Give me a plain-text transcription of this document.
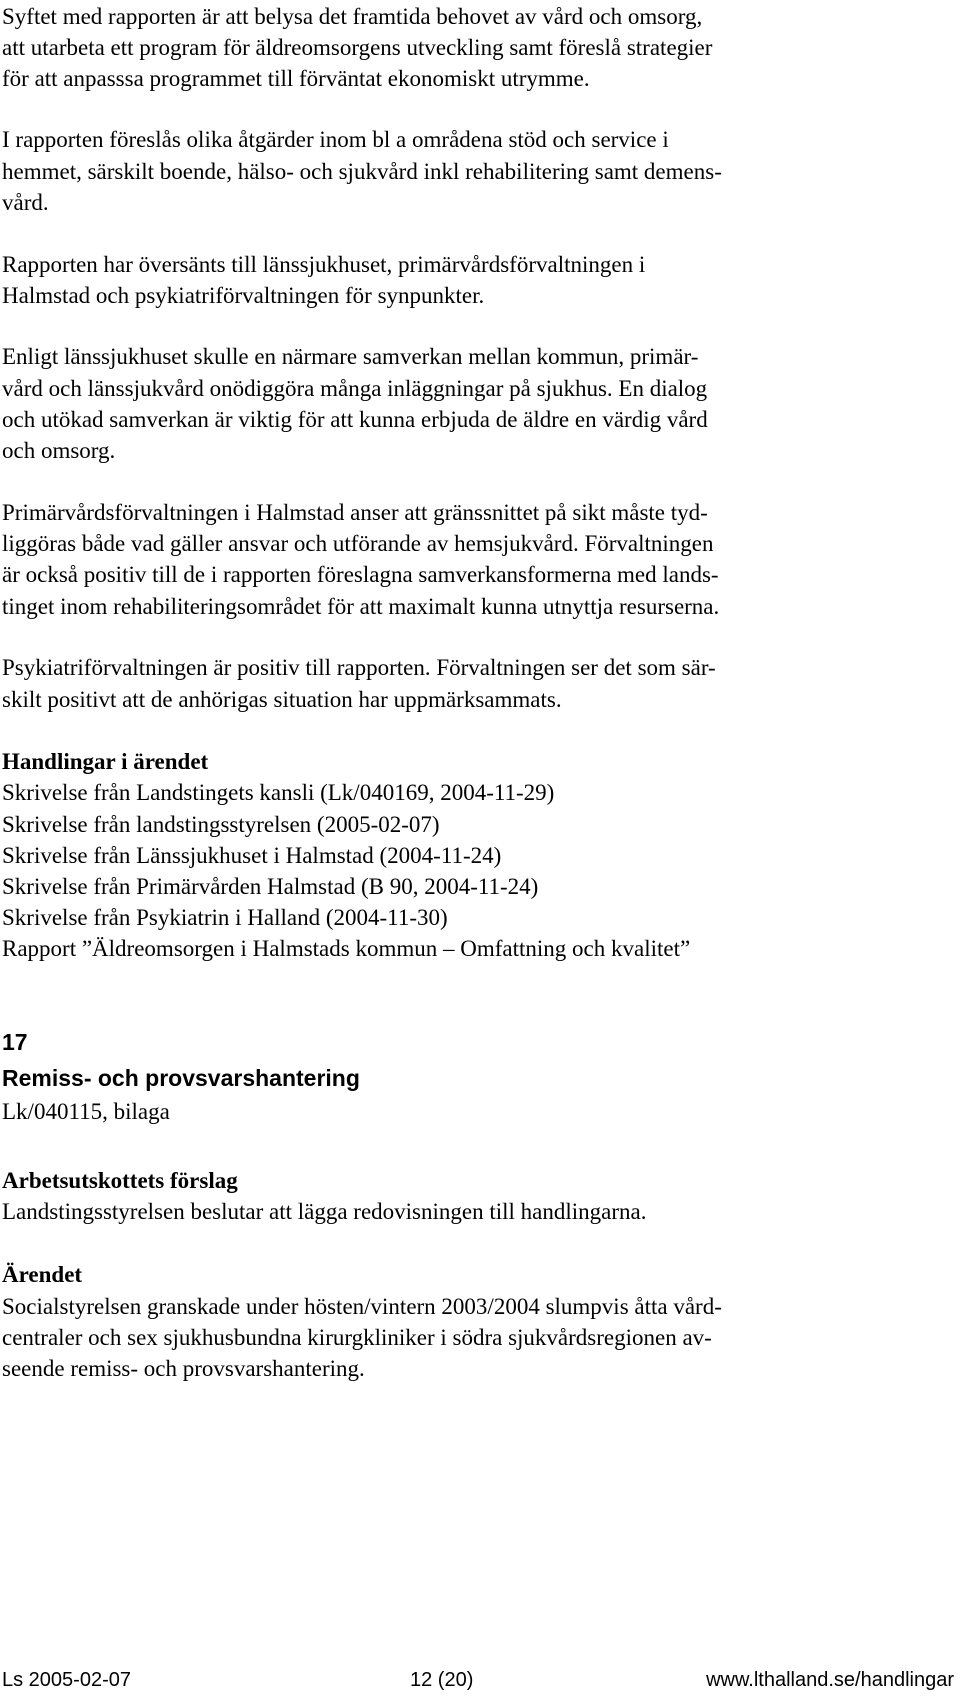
Syftet med rapporten är att belysa det framtida behovet av vård och omsorg,
att utarbeta ett program för äldreomsorgens utveckling samt föreslå strategier
för att anpasssa programmet till förväntat ekonomiskt utrymme.
I rapporten föreslås olika åtgärder inom bl a områdena stöd och service i
hemmet, särskilt boende, hälso- och sjukvård inkl rehabilitering samt demens-
vård.
Rapporten har översänts till länssjukhuset, primärvårdsförvaltningen i
Halmstad och psykiatriförvaltningen för synpunkter.
Enligt länssjukhuset skulle en närmare samverkan mellan kommun, primär-
vård och länssjukvård onödiggöra många inläggningar på sjukhus. En dialog
och utökad samverkan är viktig för att kunna erbjuda de äldre en värdig vård
och omsorg.
Primärvårdsförvaltningen i Halmstad anser att gränssnittet på sikt måste tyd-
liggöras både vad gäller ansvar och utförande av hemsjukvård. Förvaltningen
är också positiv till de i rapporten föreslagna samverkansformerna med lands-
tinget inom rehabiliteringsområdet för att maximalt kunna utnyttja resurserna.
Psykiatriförvaltningen är positiv till rapporten. Förvaltningen ser det som sär-
skilt positivt att de anhörigas situation har uppmärksammats.
Handlingar i ärendet
Skrivelse från Landstingets kansli (Lk/040169, 2004-11-29)
Skrivelse från landstingsstyrelsen (2005-02-07)
Skrivelse från Länssjukhuset i Halmstad (2004-11-24)
Skrivelse från Primärvården Halmstad (B 90, 2004-11-24)
Skrivelse från Psykiatrin i Halland (2004-11-30)
Rapport ”Äldreomsorgen i Halmstads kommun – Omfattning och kvalitet”
17
Remiss- och provsvarshantering
Lk/040115, bilaga
Arbetsutskottets förslag
Landstingsstyrelsen beslutar att lägga redovisningen till handlingarna.
Ärendet
Socialstyrelsen granskade under hösten/vintern 2003/2004 slumpvis åtta vård-
centraler och sex sjukhusbundna kirurgkliniker i södra sjukvårdsregionen av-
seende remiss- och provsvarshantering.
Ls 2005-02-07	12 (20)	www.lthalland.se/handlingar
